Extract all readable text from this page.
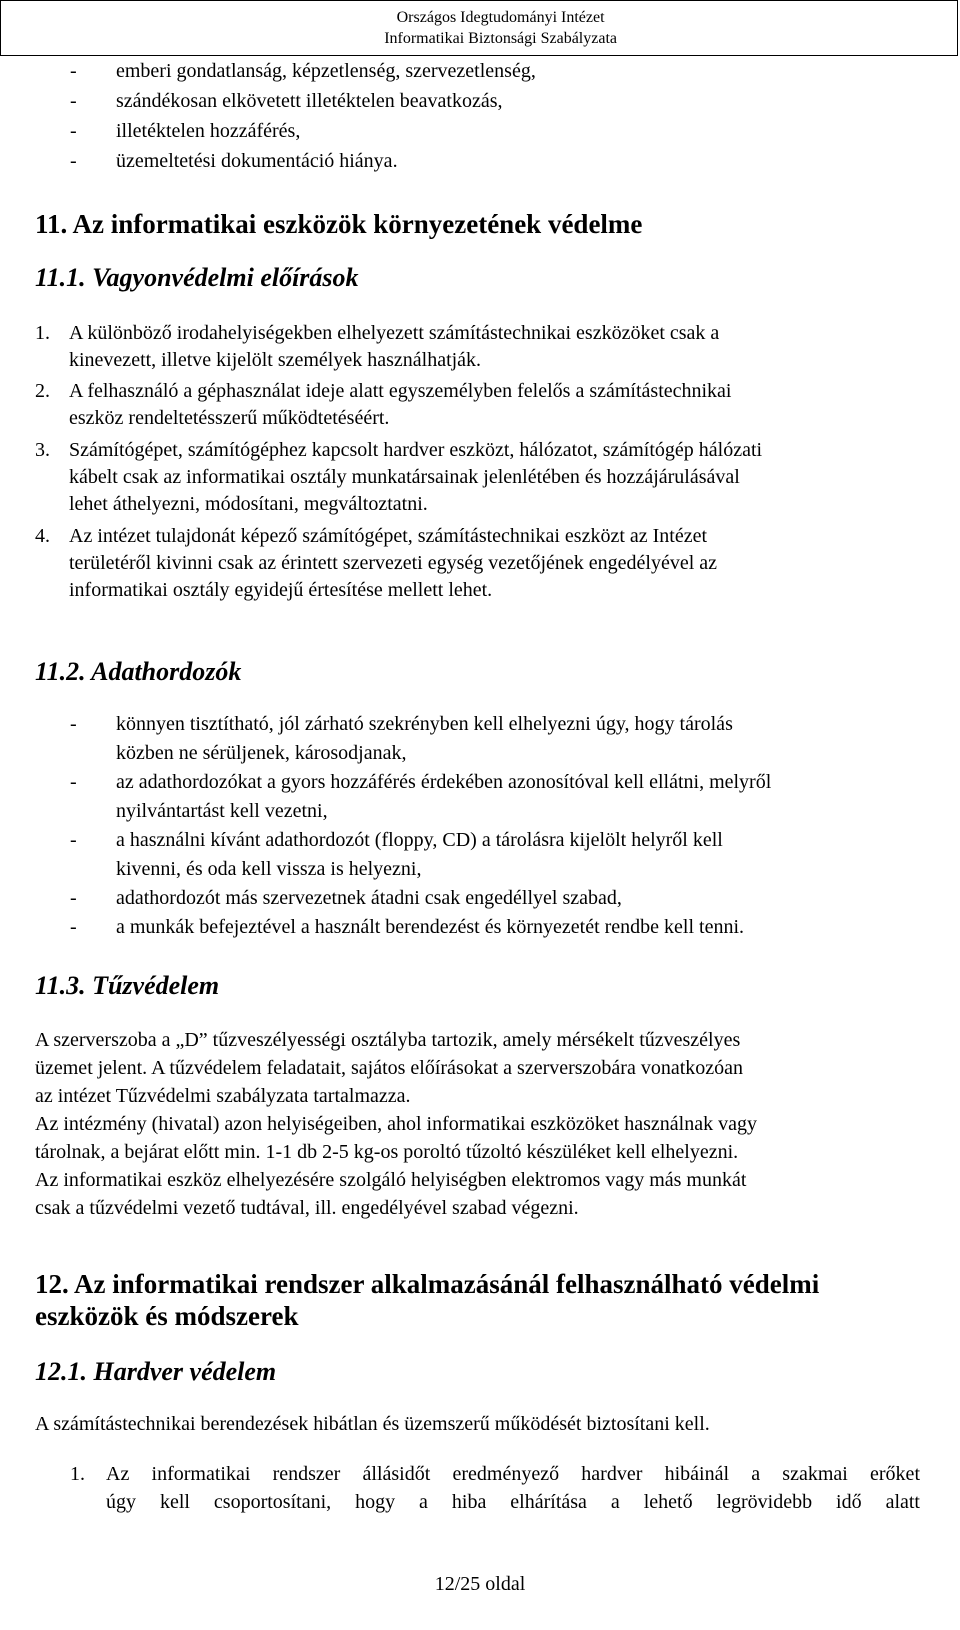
Országos Idegtudományi Intézet
Informatikai Biztonsági Szabályzata
- emberi gondatlanság, képzetlenség, szervezetlenség,
- szándékosan elkövetett illetéktelen beavatkozás,
- illetéktelen hozzáférés,
- üzemeltetési dokumentáció hiánya.
11. Az informatikai eszközök környezetének védelme
11.1. Vagyonvédelmi előírások
1. A különböző irodahelyiségekben elhelyezett számítástechnikai eszközöket csak a
kinevezett, illetve kijelölt személyek használhatják.
2. A felhasználó a géphasználat ideje alatt egyszemélyben felelős a számítástechnikai
eszköz rendeltetésszerű működtetéséért.
3. Számítógépet, számítógéphez kapcsolt hardver eszközt, hálózatot, számítógép hálózati
kábelt csak az informatikai osztály munkatársainak jelenlétében és hozzájárulásával
lehet áthelyezni, módosítani, megváltoztatni.
4. Az intézet tulajdonát képező számítógépet, számítástechnikai eszközt az Intézet
területéről kivinni csak az érintett szervezeti egység vezetőjének engedélyével az
informatikai osztály egyidejű értesítése mellett lehet.
11.2. Adathordozók
- könnyen tisztítható, jól zárható szekrényben kell elhelyezni úgy, hogy tárolás
közben ne sérüljenek, károsodjanak,
- az adathordozókat a gyors hozzáférés érdekében azonosítóval kell ellátni, melyről
nyilvántartást kell vezetni,
- a használni kívánt adathordozót (floppy, CD) a tárolásra kijelölt helyről kell
kivenni, és oda kell vissza is helyezni,
- adathordozót más szervezetnek átadni csak engedéllyel szabad,
- a munkák befejeztével a használt berendezést és környezetét rendbe kell tenni.
11.3. Tűzvédelem
A szerverszoba a „D” tűzveszélyességi osztályba tartozik, amely mérsékelt tűzveszélyes
üzemet jelent. A tűzvédelem feladatait, sajátos előírásokat a szerverszobára vonatkozóan
az intézet Tűzvédelmi szabályzata tartalmazza.
Az intézmény (hivatal) azon helyiségeiben, ahol informatikai eszközöket használnak vagy
tárolnak, a bejárat előtt min. 1-1 db 2-5 kg-os poroltó tűzoltó készüléket kell elhelyezni.
Az informatikai eszköz elhelyezésére szolgáló helyiségben elektromos vagy más munkát
csak a tűzvédelmi vezető tudtával, ill. engedélyével szabad végezni.
12. Az informatikai rendszer alkalmazásánál felhasználható védelmi
eszközök és módszerek
12.1. Hardver védelem

A számítástechnikai berendezések hibátlan és üzemszerű működését biztosítani kell.

1. Az informatikai rendszer állásidőt eredményező hardver hibáinál a szakmai erőket
úgy kell csoportosítani, hogy a hiba elhárítása a lehető legrövidebb idő alatt
12/25 oldal
